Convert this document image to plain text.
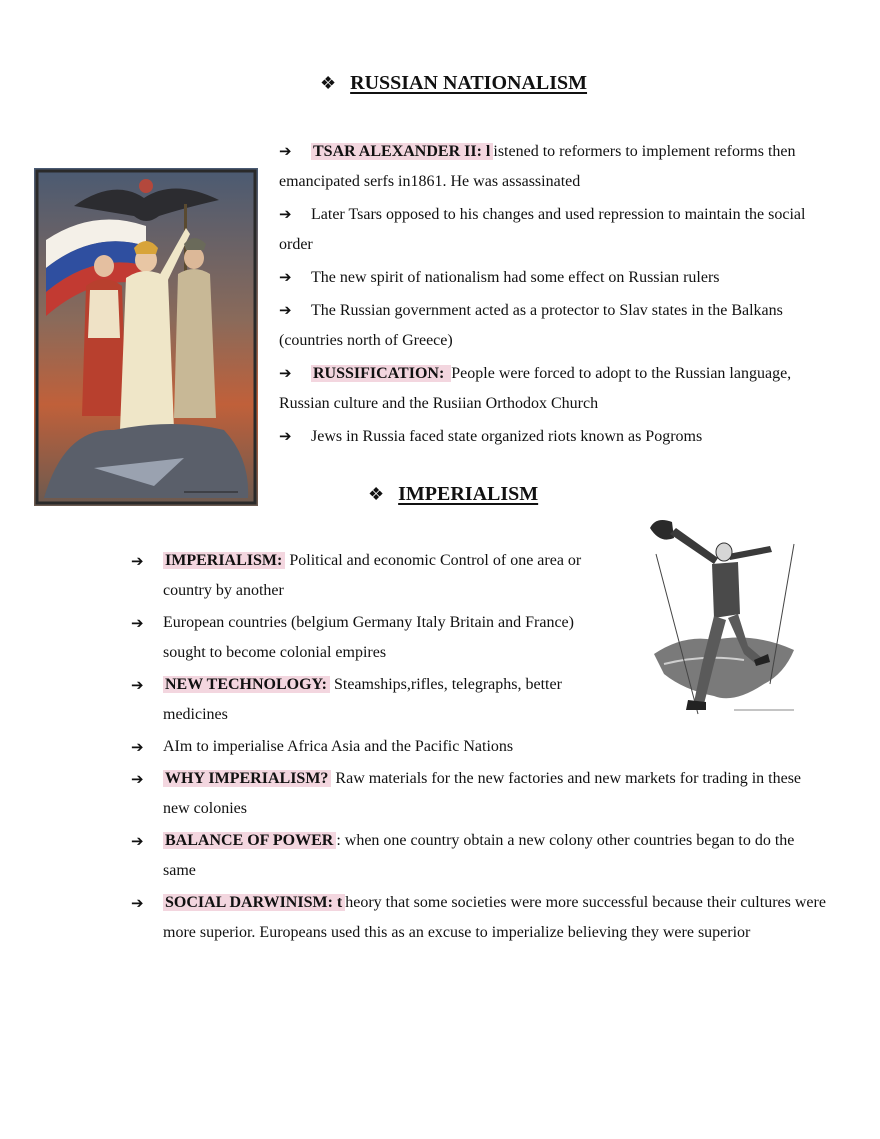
❖ RUSSIAN NATIONALISM
➔ TSAR ALEXANDER II: l istened to reformers to implement reforms then emancipated serfs in1861. He was assassinated
➔ Later Tsars opposed to his changes and used repression to maintain the social order
➔ The new spirit of nationalism had some effect on Russian rulers
➔ The Russian government acted as a protector to Slav states in the Balkans (countries north of Greece)
➔ RUSSIFICATION: People were forced to adopt to the Russian language, Russian culture and the Rusiian Orthodox Church
➔ Jews in Russia faced state organized riots known as Pogroms
❖ IMPERIALISM
➔ IMPERIALISM: Political and economic Control of one area or country by another
➔ European countries (belgium Germany Italy Britain and France) sought to become colonial empires
➔ NEW TECHNOLOGY: Steamships,rifles, telegraphs, better medicines
➔ AIm to imperialise Africa Asia and the Pacific Nations
➔ WHY IMPERIALISM? Raw materials for the new factories and new markets for trading in these new colonies
➔ BALANCE OF POWER : when one country obtain a new colony other countries began to do the same
➔ SOCIAL DARWINISM: t heory that some societies were more successful because their cultures were more superior. Europeans used this as an excuse to imperialize believing they were superior
